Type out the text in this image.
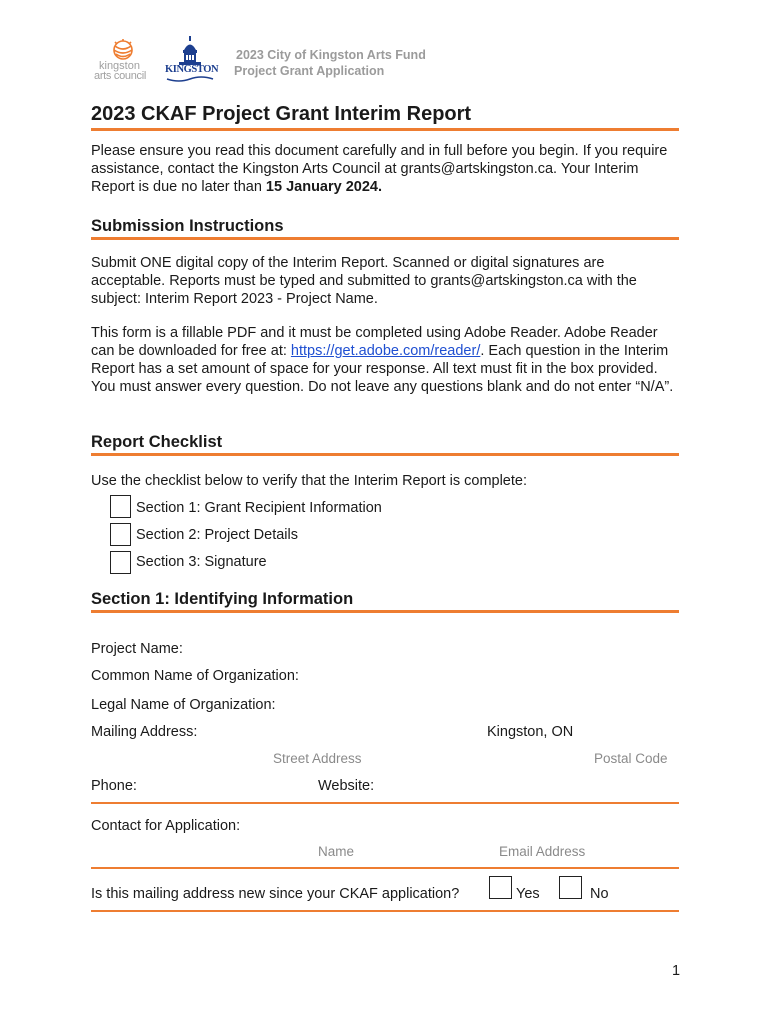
kingston
arts council
KINGSTON
2023 City of Kingston Arts Fund
Project Grant Application
2023 CKAF Project Grant Interim Report
Please ensure you read this document carefully and in full before you begin. If you require assistance, contact the Kingston Arts Council at grants@artskingston.ca. Your Interim Report is due no later than 15 January 2024.
Submission Instructions
Submit ONE digital copy of the Interim Report. Scanned or digital signatures are acceptable. Reports must be typed and submitted to grants@artskingston.ca with the subject: Interim Report 2023 - Project Name.
This form is a fillable PDF and it must be completed using Adobe Reader. Adobe Reader can be downloaded for free at: https://get.adobe.com/reader/. Each question in the Interim Report has a set amount of space for your response. All text must fit in the box provided. You must answer every question. Do not leave any questions blank and do not enter “N/A”.
Report Checklist
Use the checklist below to verify that the Interim Report is complete:
Section 1: Grant Recipient Information
Section 2: Project Details
Section 3: Signature
Section 1: Identifying Information
Project Name:
Common Name of Organization:
Legal Name of Organization:
Mailing Address:	Kingston, ON
Street Address	Postal Code
Phone:	Website:
Contact for Application:
Name	Email Address
Is this mailing address new since your CKAF application?	Yes	No
1
